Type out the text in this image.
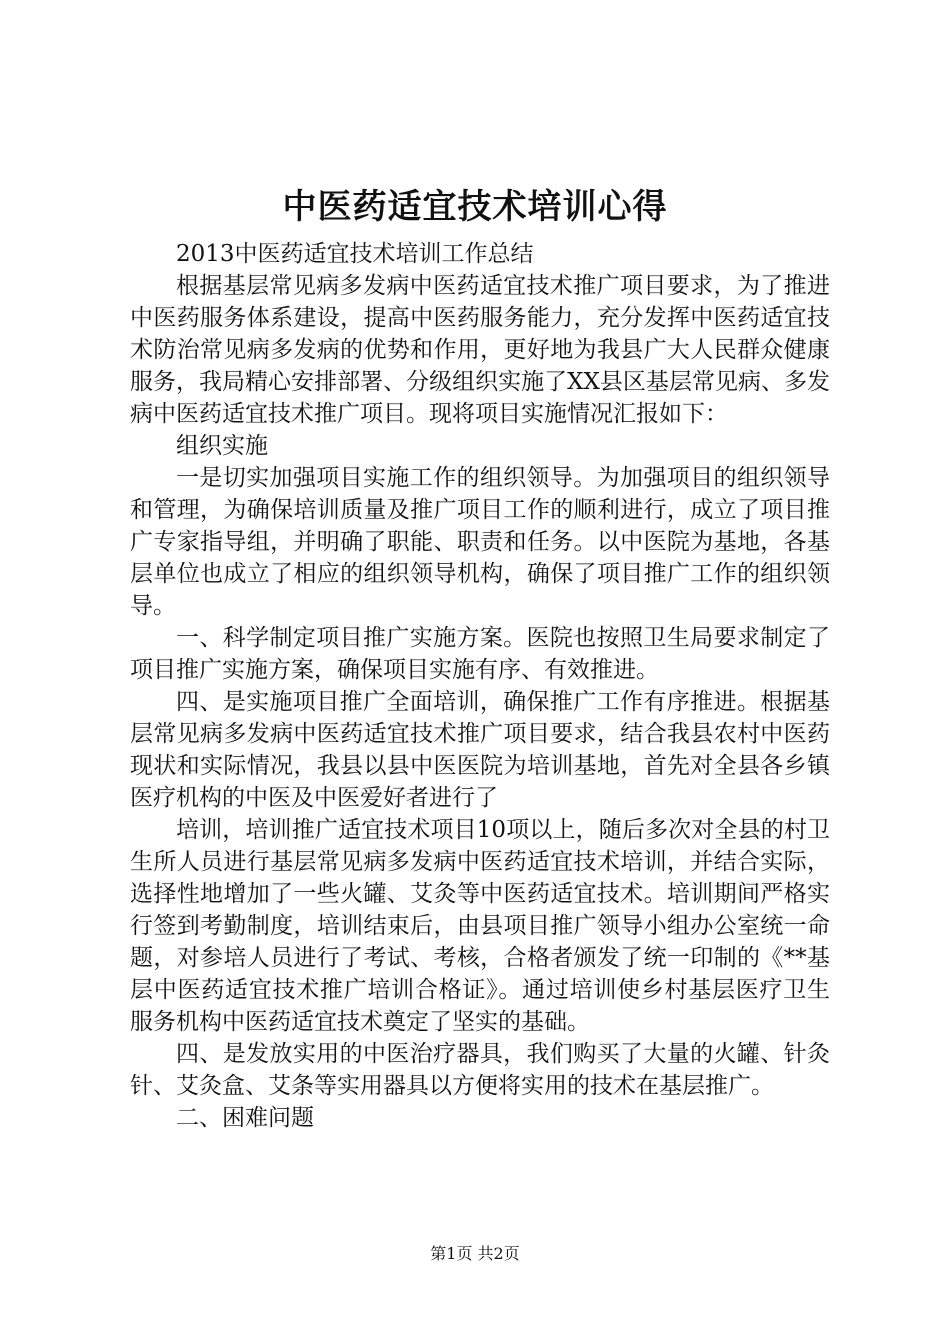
中医药适宜技术培训心得

2013中医药适宜技术培训工作总结

根据基层常见病多发病中医药适宜技术推广项目要求，为了推进中医药服务体系建设，提高中医药服务能力，充分发挥中医药适宜技术防治常见病多发病的优势和作用，更好地为我县广大人民群众健康服务，我局精心安排部署、分级组织实施了XX县区基层常见病、多发病中医药适宜技术推广项目。现将项目实施情况汇报如下：

组织实施

一是切实加强项目实施工作的组织领导。为加强项目的组织领导和管理，为确保培训质量及推广项目工作的顺利进行，成立了项目推广专家指导组，并明确了职能、职责和任务。以中医院为基地，各基层单位也成立了相应的组织领导机构，确保了项目推广工作的组织领导。

一、科学制定项目推广实施方案。医院也按照卫生局要求制定了项目推广实施方案，确保项目实施有序、有效推进。

四、是实施项目推广全面培训，确保推广工作有序推进。根据基层常见病多发病中医药适宜技术推广项目要求，结合我县农村中医药现状和实际情况，我县以县中医医院为培训基地，首先对全县各乡镇医疗机构的中医及中医爱好者进行了

培训，培训推广适宜技术项目10项以上，随后多次对全县的村卫生所人员进行基层常见病多发病中医药适宜技术培训，并结合实际，选择性地增加了一些火罐、艾灸等中医药适宜技术。培训期间严格实行签到考勤制度，培训结束后，由县项目推广领导小组办公室统一命题，对参培人员进行了考试、考核，合格者颁发了统一印制的《**基层中医药适宜技术推广培训合格证》。通过培训使乡村基层医疗卫生服务机构中医药适宜技术奠定了坚实的基础。

四、是发放实用的中医治疗器具，我们购买了大量的火罐、针灸针、艾灸盒、艾条等实用器具以方便将实用的技术在基层推广。

二、困难问题

第1页 共2页
